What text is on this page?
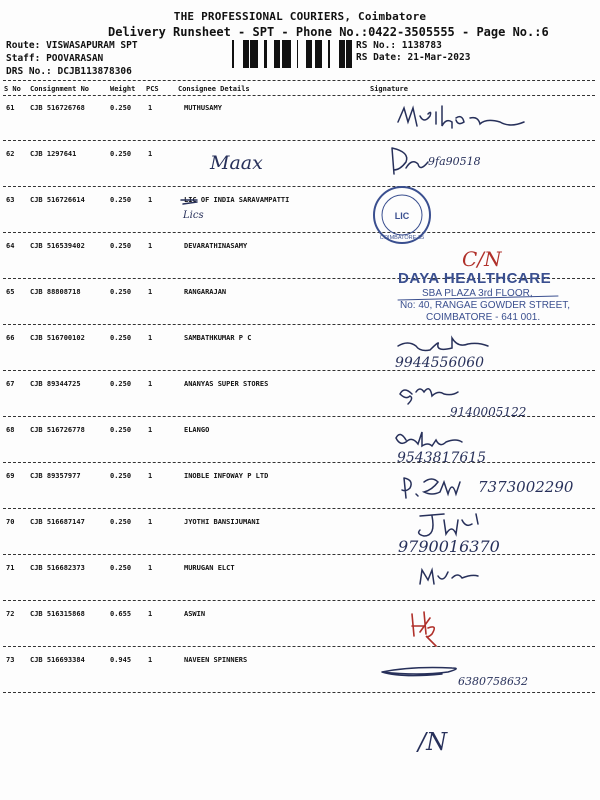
THE PROFESSIONAL COURIERS, Coimbatore
Delivery Runsheet - SPT - Phone No.:0422-3505555 - Page No.:6
Route: VISWASAPURAM SPT
Staff: POOVARASAN
DRS No.: DCJB113878306
RS No.: 1138783
RS Date: 21-Mar-2023
S No Consignment No	Weight PCS	Consignee Details	Signature
61 CJB 516726768	0.250 1	MUTHUSAMY
62 CJB 1297641	0.250 1
63 CJB 516726614	0.250 1	LIC OF INDIA SARAVAMPATTI
64 CJB 516539402	0.250 1	DEVARATHINASAMY
65 CJB 88808718	0.250 1	RANGARAJAN
66 CJB 516700102	0.250 1	SAMBATHKUMAR P C
67 CJB 89344725	0.250 1	ANANYAS SUPER STORES
68 CJB 516726778	0.250 1	ELANGO
69 CJB 89357977	0.250 1	INOBLE INFOWAY P LTD
70 CJB 516687147	0.250 1	JYOTHI BANSIJUMANI
71 CJB 516682373	0.250 1	MURUGAN ELCT
72 CJB 516315868	0.655 1	ASWIN
73 CJB 516693384	0.945 1	NAVEEN SPINNERS
C/N
LIC
COIMBATORE-35
Maax	9fa90518
Lics
9944556060
9140005122
9543817615
7373002290
9790016370
6380758632
/N
DAYA HEALTHCARE
SBA PLAZA 3rd FLOOR,
No: 40, RANGAE GOWDER STREET,
COIMBATORE - 641 001.
